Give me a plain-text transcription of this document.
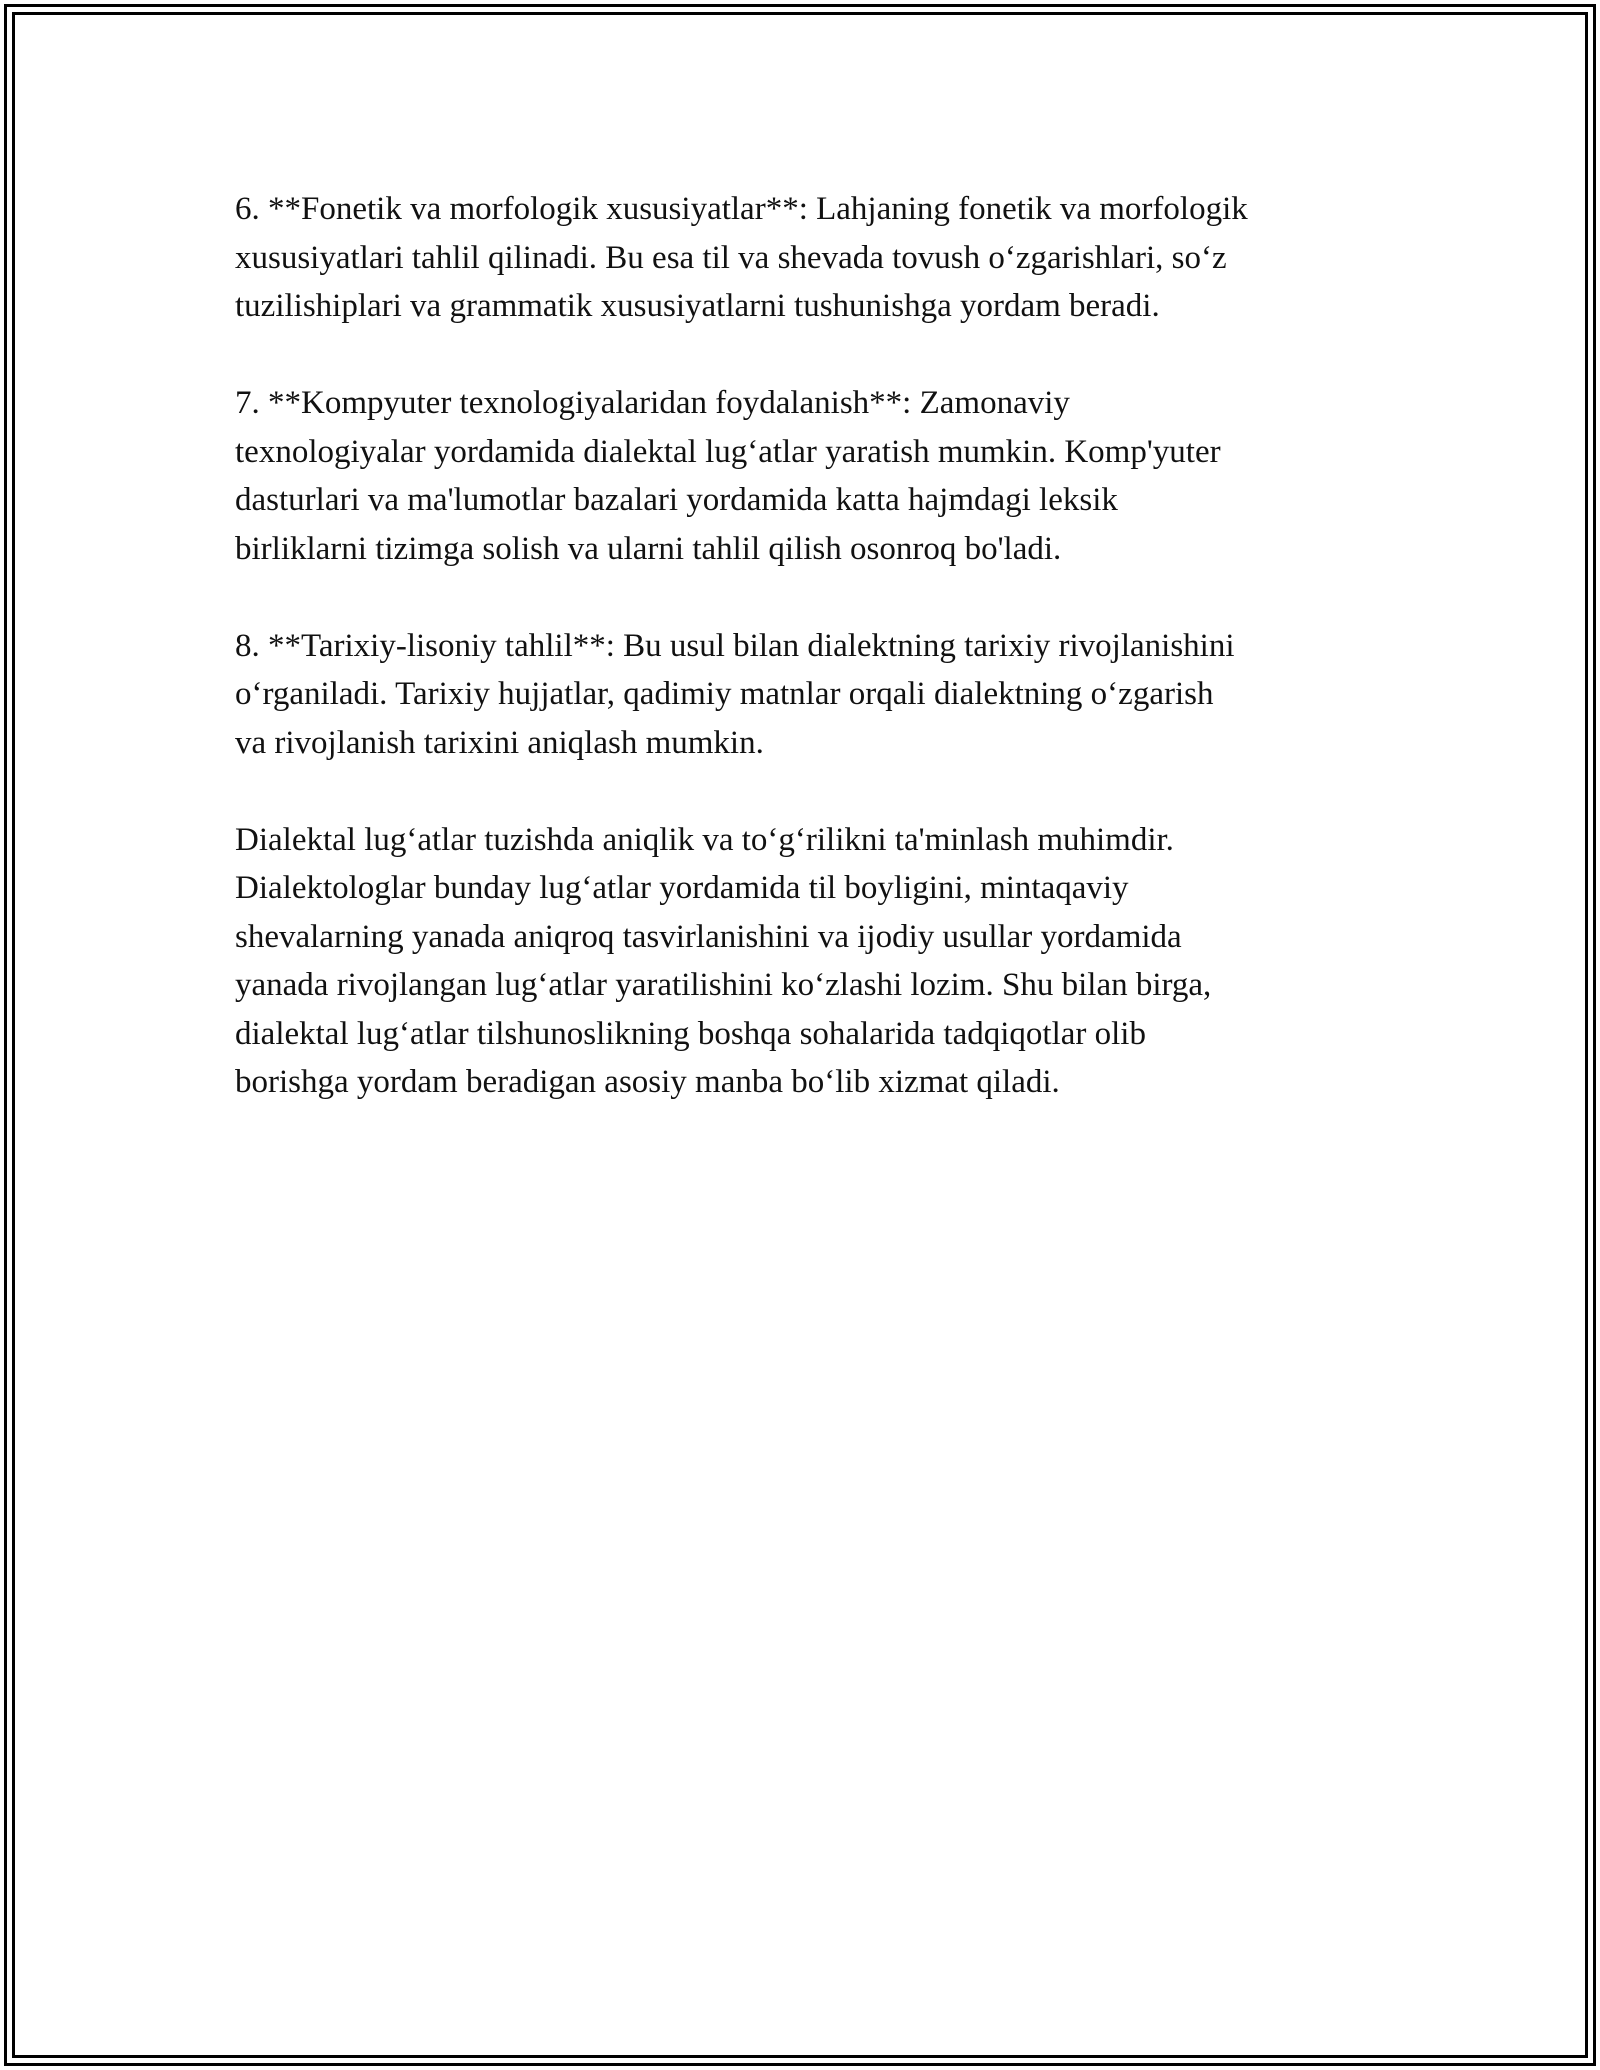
6. **Fonetik va morfologik xususiyatlar**: Lahjaning fonetik va morfologik
xususiyatlari tahlil qilinadi. Bu esa til va shevada tovush o‘zgarishlari, so‘z
tuzilishiplari va grammatik xususiyatlarni tushunishga yordam beradi.

7. **Kompyuter texnologiyalaridan foydalanish**: Zamonaviy
texnologiyalar yordamida dialektal lug‘atlar yaratish mumkin. Komp'yuter
dasturlari va ma'lumotlar bazalari yordamida katta hajmdagi leksik
birliklarni tizimga solish va ularni tahlil qilish osonroq bo'ladi.

8. **Tarixiy-lisoniy tahlil**: Bu usul bilan dialektning tarixiy rivojlanishini
o‘rganiladi. Tarixiy hujjatlar, qadimiy matnlar orqali dialektning o‘zgarish
va rivojlanish tarixini aniqlash mumkin.

Dialektal lug‘atlar tuzishda aniqlik va to‘g‘rilikni ta'minlash muhimdir.
Dialektologlar bunday lug‘atlar yordamida til boyligini, mintaqaviy
shevalarning yanada aniqroq tasvirlanishini va ijodiy usullar yordamida
yanada rivojlangan lug‘atlar yaratilishini ko‘zlashi lozim. Shu bilan birga,
dialektal lug‘atlar tilshunoslikning boshqa sohalarida tadqiqotlar olib
borishga yordam beradigan asosiy manba bo‘lib xizmat qiladi.
